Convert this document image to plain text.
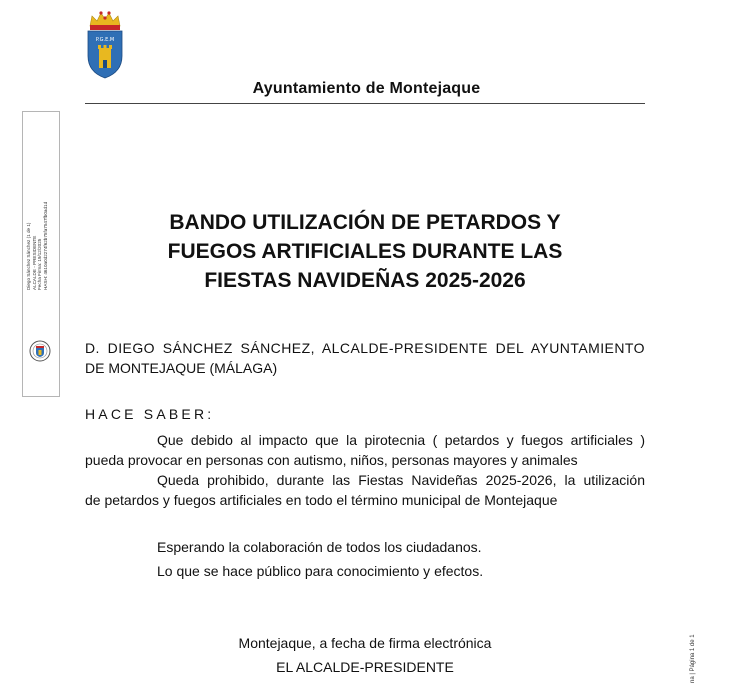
P.G.E.M
Ayuntamiento de Montejaque
Diego Sánchez Sánchez (1 de 1) ALCALDE - PRESIDENTE Fecha Firma: 19/12/2025 HASH: 4610a0d2274f62b75fa7547fb0ad1d	BANDO UTILIZACIÓN DE PETARDOS Y
FUEGOS ARTIFICIALES DURANTE LAS
FIESTAS NAVIDEÑAS 2025-2026
D. DIEGO SÁNCHEZ SÁNCHEZ, ALCALDE-PRESIDENTE DEL AYUNTAMIENTO
DE MONTEJAQUE (MÁLAGA)
HACE SABER:
Que debido al impacto que la pirotecnia ( petardos y fuegos artificiales )
pueda provocar en personas con autismo, niños, personas mayores y animales
Queda prohibido, durante las Fiestas Navideñas 2025-2026, la utilización
de petardos y fuegos artificiales en todo el término municipal de Montejaque
Esperando la colaboración de todos los ciudadanos.
Lo que se hace público para conocimiento y efectos.
Montejaque, a fecha de firma electrónica
EL ALCALDE-PRESIDENTE	na | Página 1 de 1
